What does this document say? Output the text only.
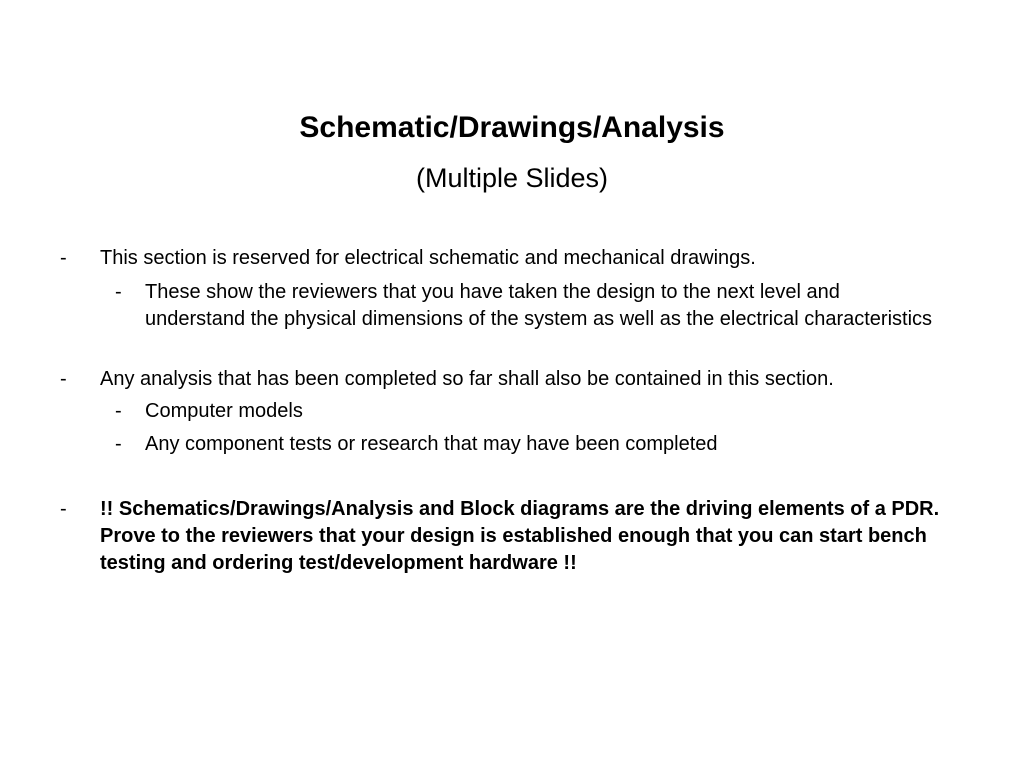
Schematic/Drawings/Analysis
(Multiple Slides)
- This section is reserved for electrical schematic and mechanical drawings.
- These show the reviewers that you have taken the design to the next level and understand the physical dimensions of the system as well as the electrical characteristics
- Any analysis that has been completed so far shall also be contained in this section.
- Computer models
- Any component tests or research that may have been completed
- !! Schematics/Drawings/Analysis and Block diagrams are the driving elements of a PDR. Prove to the reviewers that your design is established enough that you can start bench testing and ordering test/development hardware !!
